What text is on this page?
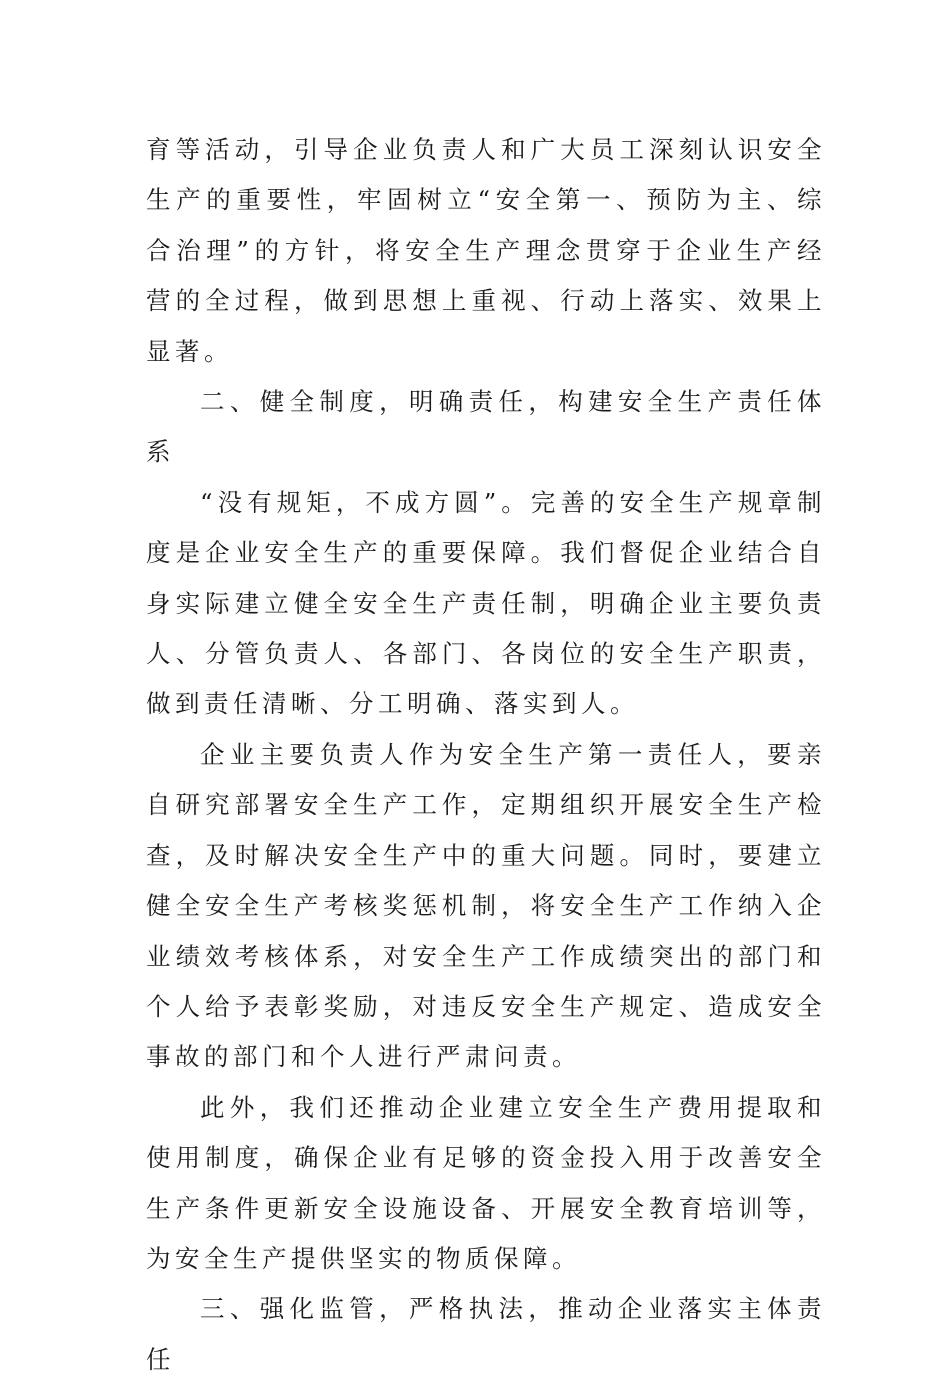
育等活动，引导企业负责人和广大员工深刻认识安全生产的重要性，牢固树立“安全第一、预防为主、综合治理”的方针，将安全生产理念贯穿于企业生产经营的全过程，做到思想上重视、行动上落实、效果上显著。

二、健全制度，明确责任，构建安全生产责任体系

“没有规矩，不成方圆”。完善的安全生产规章制度是企业安全生产的重要保障。我们督促企业结合自身实际建立健全安全生产责任制，明确企业主要负责人、分管负责人、各部门、各岗位的安全生产职责，做到责任清晰、分工明确、落实到人。

企业主要负责人作为安全生产第一责任人，要亲自研究部署安全生产工作，定期组织开展安全生产检查，及时解决安全生产中的重大问题。同时，要建立健全安全生产考核奖惩机制，将安全生产工作纳入企业绩效考核体系，对安全生产工作成绩突出的部门和个人给予表彰奖励，对违反安全生产规定、造成安全事故的部门和个人进行严肃问责。

此外，我们还推动企业建立安全生产费用提取和使用制度，确保企业有足够的资金投入用于改善安全生产条件更新安全设施设备、开展安全教育培训等，为安全生产提供坚实的物质保障。

三、强化监管，严格执法，推动企业落实主体责任
